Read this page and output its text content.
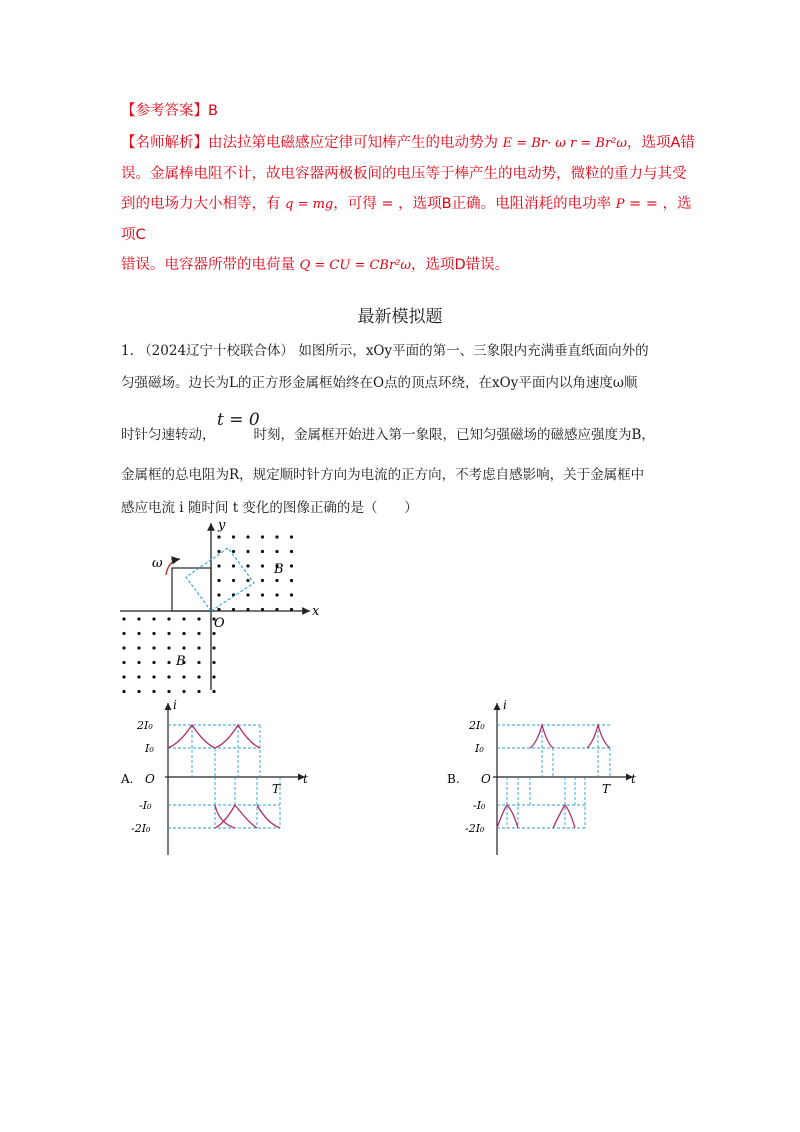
【参考答案】B
【名师解析】由法拉第电磁感应定律可知棒产生的电动势为 E = Br· ω r = Br²ω，选项A错
误。金属棒电阻不计，故电容器两极板间的电压等于棒产生的电动势，微粒的重力与其受
到的电场力大小相等，有 q = mg，可得 = ，选项B正确。电阻消耗的电功率 P = = ，选项C
错误。电容器所带的电荷量 Q = CU = CBr²ω，选项D错误。
最新模拟题
1. （2024辽宁十校联合体） 如图所示，xOy平面的第一、三象限内充满垂直纸面向外的
匀强磁场。边长为L的正方形金属框始终在O点的顶点环绕，在xOy平面内以角速度ω顺
时针匀速转动，	时刻，金属框开始进入第一象限，已知匀强磁场的磁感应强度为B，
t = 0
金属框的总电阻为R，规定顺时针方向为电流的正方向，不考虑自感影响，关于金属框中
感应电流 i 随时间 t 变化的图像正确的是（　　）
x
y
O
ω	B
B
i
t
O
T
A.
2I₀
I₀
-I₀
-2I₀
i
t
O
T
B.
2I₀
I₀
-I₀
-2I₀
